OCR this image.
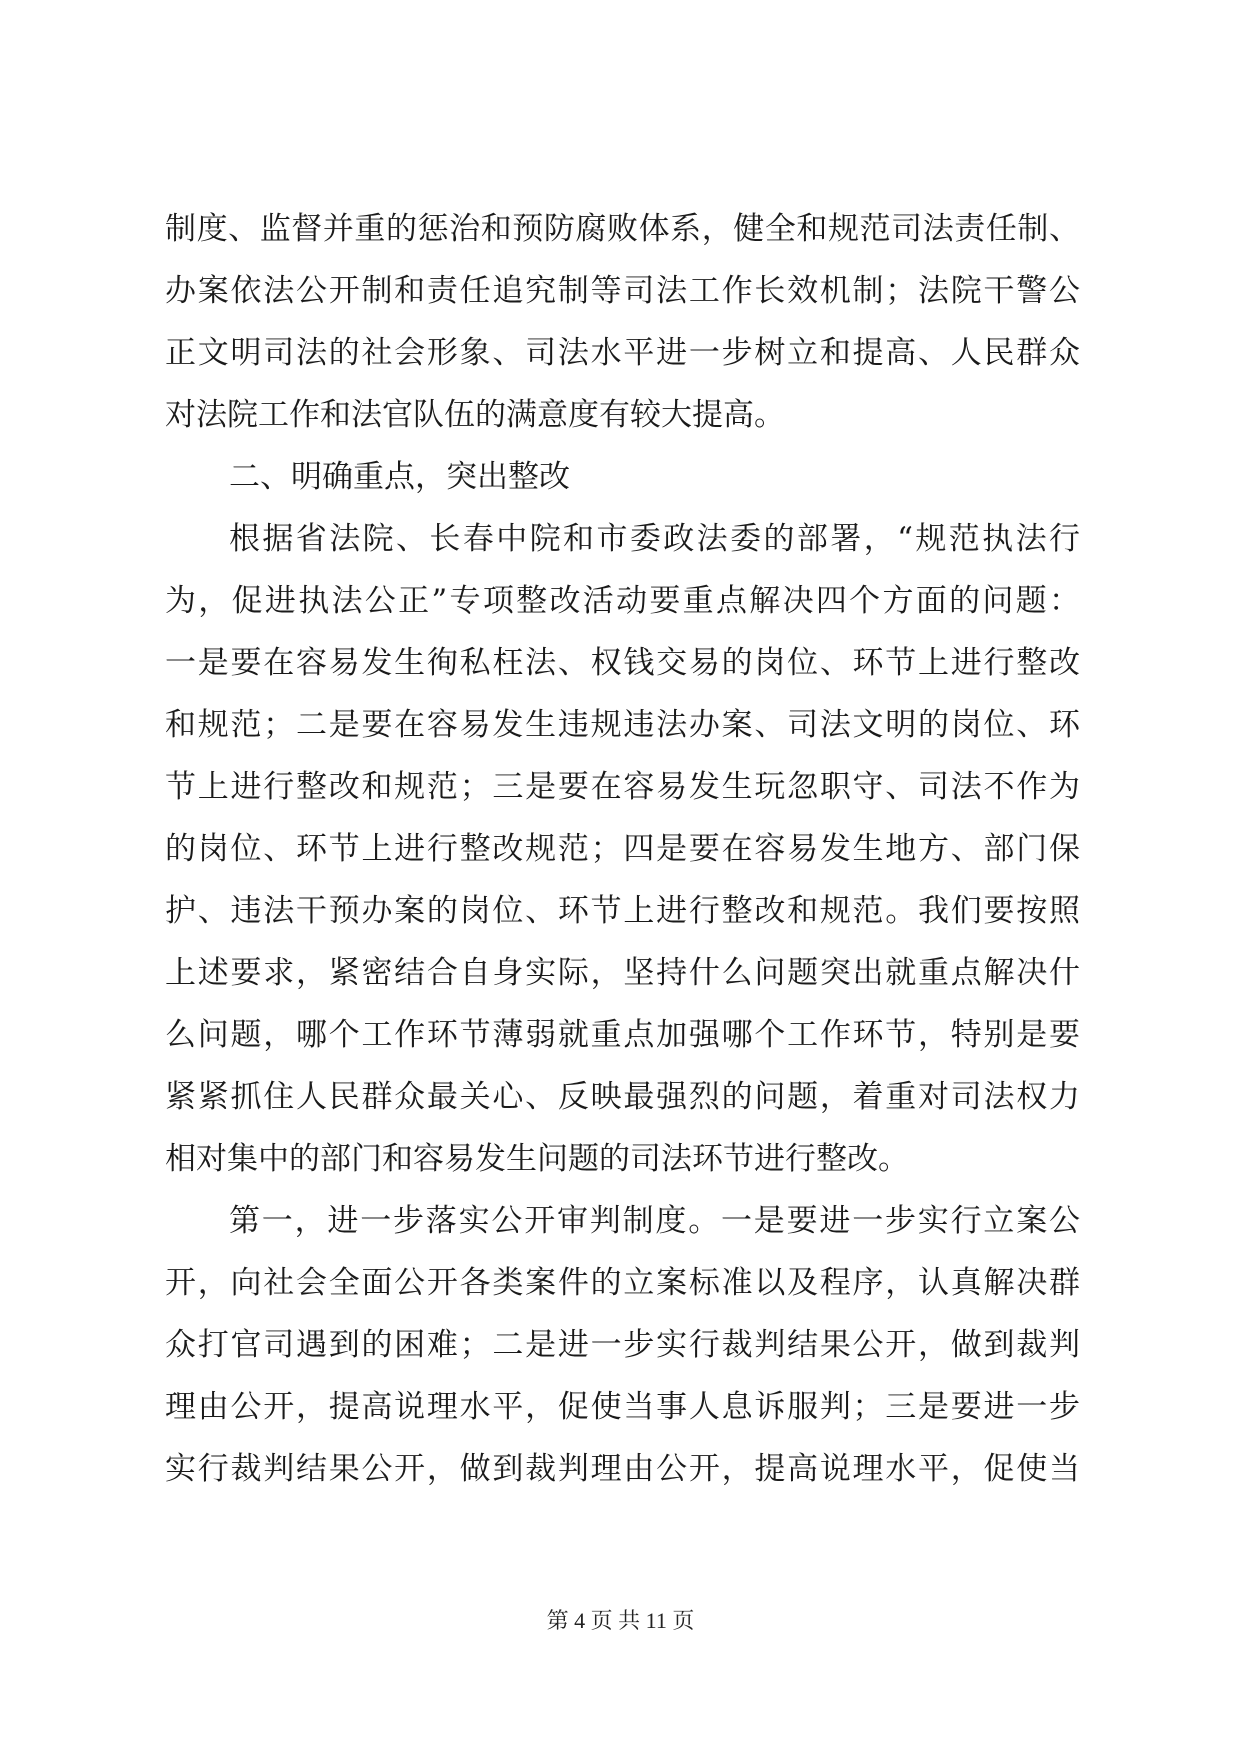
制度、监督并重的惩治和预防腐败体系，健全和规范司法责任制、
办案依法公开制和责任追究制等司法工作长效机制；法院干警公
正文明司法的社会形象、司法水平进一步树立和提高、人民群众
对法院工作和法官队伍的满意度有较大提高。
二、明确重点，突出整改
根据省法院、长春中院和市委政法委的部署，“规范执法行
为，促进执法公正”专项整改活动要重点解决四个方面的问题：
一是要在容易发生徇私枉法、权钱交易的岗位、环节上进行整改
和规范；二是要在容易发生违规违法办案、司法文明的岗位、环
节上进行整改和规范；三是要在容易发生玩忽职守、司法不作为
的岗位、环节上进行整改规范；四是要在容易发生地方、部门保
护、违法干预办案的岗位、环节上进行整改和规范。我们要按照
上述要求，紧密结合自身实际，坚持什么问题突出就重点解决什
么问题，哪个工作环节薄弱就重点加强哪个工作环节，特别是要
紧紧抓住人民群众最关心、反映最强烈的问题，着重对司法权力
相对集中的部门和容易发生问题的司法环节进行整改。
第一，进一步落实公开审判制度。一是要进一步实行立案公
开，向社会全面公开各类案件的立案标准以及程序，认真解决群
众打官司遇到的困难；二是进一步实行裁判结果公开，做到裁判
理由公开，提高说理水平，促使当事人息诉服判；三是要进一步
实行裁判结果公开，做到裁判理由公开，提高说理水平，促使当
第 4 页 共 11 页
